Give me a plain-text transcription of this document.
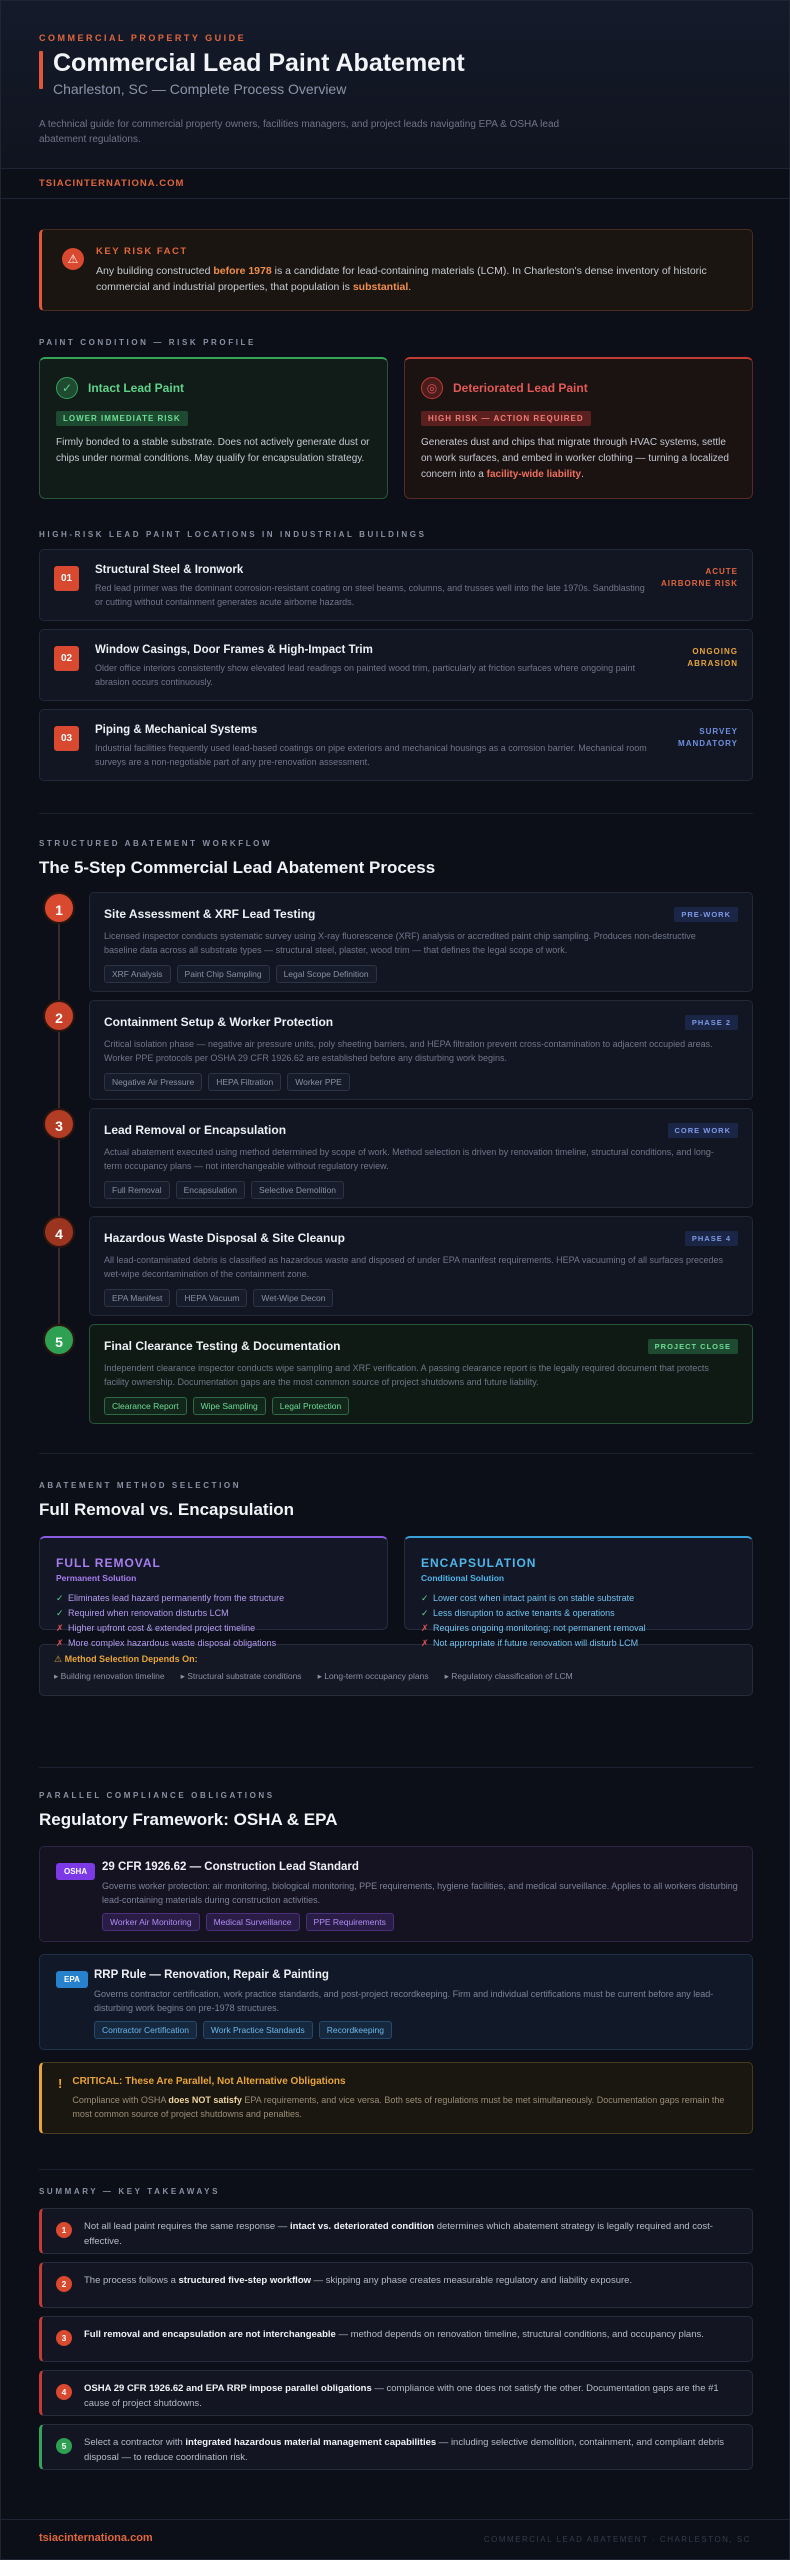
COMMERCIAL PROPERTY GUIDE
Commercial Lead Paint Abatement
Charleston, SC — Complete Process Overview
A technical guide for commercial property owners, facilities managers, and project leads navigating EPA & OSHA lead abatement regulations.
TSIACINTERNATIONA.COM
⚠
KEY RISK FACT

Any building constructed before 1978 is a candidate for lead-containing materials (LCM). In Charleston's dense inventory of historic commercial and industrial properties, that population is substantial.

PAINT CONDITION — RISK PROFILE
✓	Intact Lead Paint
LOWER IMMEDIATE RISK

Firmly bonded to a stable substrate. Does not actively generate dust or chips under normal conditions. May qualify for encapsulation strategy.

◎	Deteriorated Lead Paint
HIGH RISK — ACTION REQUIRED

Generates dust and chips that migrate through HVAC systems, settle on work surfaces, and embed in worker clothing — turning a localized concern into a facility-wide liability.

HIGH-RISK LEAD PAINT LOCATIONS IN INDUSTRIAL BUILDINGS
01
Structural Steel & Ironwork

Red lead primer was the dominant corrosion-resistant coating on steel beams, columns, and trusses well into the late 1970s. Sandblasting or cutting without containment generates acute airborne hazards.

ACUTE
AIRBORNE RISK
02
Window Casings, Door Frames & High-Impact Trim

Older office interiors consistently show elevated lead readings on painted wood trim, particularly at friction surfaces where ongoing paint abrasion occurs continuously.

ONGOING
ABRASION
03
Piping & Mechanical Systems

Industrial facilities frequently used lead-based coatings on pipe exteriors and mechanical housings as a corrosion barrier. Mechanical room surveys are a non-negotiable part of any pre-renovation assessment.

SURVEY
MANDATORY
STRUCTURED ABATEMENT WORKFLOW
The 5-Step Commercial Lead Abatement Process
1	Site Assessment & XRF Lead Testing	PRE-WORK

Licensed inspector conducts systematic survey using X-ray fluorescence (XRF) analysis or accredited paint chip sampling. Produces non-destructive baseline data across all substrate types — structural steel, plaster, wood trim — that defines the legal scope of work.

XRF Analysis	Paint Chip Sampling	Legal Scope Definition
2	Containment Setup & Worker Protection	PHASE 2

Critical isolation phase — negative air pressure units, poly sheeting barriers, and HEPA filtration prevent cross-contamination to adjacent occupied areas. Worker PPE protocols per OSHA 29 CFR 1926.62 are established before any disturbing work begins.

Negative Air Pressure	HEPA Filtration	Worker PPE
3	Lead Removal or Encapsulation	CORE WORK

Actual abatement executed using method determined by scope of work. Method selection is driven by renovation timeline, structural conditions, and long-term occupancy plans — not interchangeable without regulatory review.

Full Removal	Encapsulation	Selective Demolition
4	Hazardous Waste Disposal & Site Cleanup	PHASE 4

All lead-contaminated debris is classified as hazardous waste and disposed of under EPA manifest requirements. HEPA vacuuming of all surfaces precedes wet-wipe decontamination of the containment zone.

EPA Manifest	HEPA Vacuum	Wet-Wipe Decon
5	Final Clearance Testing & Documentation	PROJECT CLOSE

Independent clearance inspector conducts wipe sampling and XRF verification. A passing clearance report is the legally required document that protects facility ownership. Documentation gaps are the most common source of project shutdowns and future liability.

Clearance Report	Wipe Sampling	Legal Protection
ABATEMENT METHOD SELECTION
Full Removal vs. Encapsulation
FULL REMOVAL
Permanent Solution
✓ Eliminates lead hazard permanently from the structure
✓ Required when renovation disturbs LCM
✗ Higher upfront cost & extended project timeline
✗ More complex hazardous waste disposal obligations
ENCAPSULATION
Conditional Solution
✓ Lower cost when intact paint is on stable substrate
✓ Less disruption to active tenants & operations
✗ Requires ongoing monitoring; not permanent removal
✗ Not appropriate if future renovation will disturb LCM
⚠ Method Selection Depends On:
▸ Building renovation timeline ▸ Structural substrate conditions ▸ Long-term occupancy plans ▸ Regulatory classification of LCM
PARALLEL COMPLIANCE OBLIGATIONS
Regulatory Framework: OSHA & EPA
OSHA	29 CFR 1926.62 — Construction Lead Standard

Governs worker protection: air monitoring, biological monitoring, PPE requirements, hygiene facilities, and medical surveillance. Applies to all workers disturbing lead-containing materials during construction activities.

Worker Air Monitoring	Medical Surveillance	PPE Requirements
EPA	RRP Rule — Renovation, Repair & Painting

Governs contractor certification, work practice standards, and post-project recordkeeping. Firm and individual certifications must be current before any lead-disturbing work begins on pre-1978 structures.

Contractor Certification	Work Practice Standards	Recordkeeping
! CRITICAL: These Are Parallel, Not Alternative Obligations

Compliance with OSHA does NOT satisfy EPA requirements, and vice versa. Both sets of regulations must be met simultaneously. Documentation gaps remain the most common source of project shutdowns and penalties.

SUMMARY — KEY TAKEAWAYS
1	Not all lead paint requires the same response — intact vs. deteriorated condition determines which abatement strategy is legally required and cost-effective.

2	The process follows a structured five-step workflow — skipping any phase creates measurable regulatory and liability exposure.

3	Full removal and encapsulation are not interchangeable — method depends on renovation timeline, structural conditions, and occupancy plans.

4	OSHA 29 CFR 1926.62 and EPA RRP impose parallel obligations — compliance with one does not satisfy the other. Documentation gaps are the #1 cause of project shutdowns.

5	Select a contractor with integrated hazardous material management capabilities — including selective demolition, containment, and compliant debris disposal — to reduce coordination risk.

tsiacinternationa.com	COMMERCIAL LEAD ABATEMENT · CHARLESTON, SC
